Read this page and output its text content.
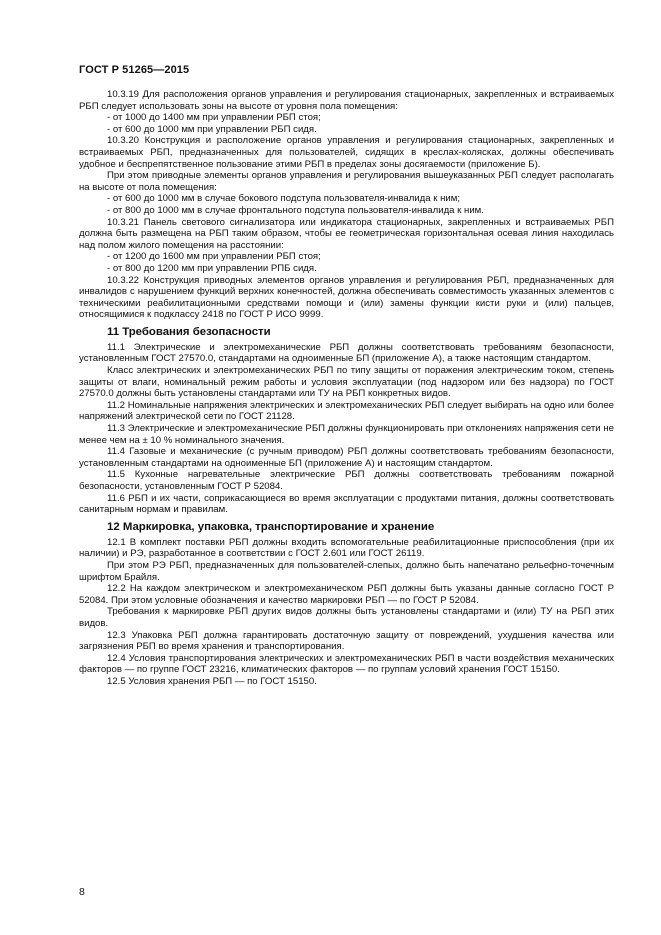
ГОСТ Р 51265—2015

10.3.19 Для расположения органов управления и регулирования стационарных, закрепленных и встраиваемых РБП следует использовать зоны на высоте от уровня пола помещения:

- от 1000 до 1400 мм при управлении РБП стоя;

- от 600 до 1000 мм при управлении РБП сидя.

10.3.20 Конструкция и расположение органов управления и регулирования стационарных, закрепленных и встраиваемых РБП, предназначенных для пользователей, сидящих в креслах-колясках, должны обеспечивать удобное и беспрепятственное пользование этими РБП в пределах зоны досягаемости (приложение Б).

При этом приводные элементы органов управления и регулирования вышеуказанных РБП следует располагать на высоте от пола помещения:

- от 600 до 1000 мм в случае бокового подступа пользователя-инвалида к ним;

- от 800 до 1000 мм в случае фронтального подступа пользователя-инвалида к ним.

10.3.21 Панель светового сигнализатора или индикатора стационарных, закрепленных и встраиваемых РБП должна быть размещена на РБП таким образом, чтобы ее геометрическая горизонтальная осевая линия находилась над полом жилого помещения на расстоянии:

- от 1200 до 1600 мм при управлении РБП стоя;

- от 800 до 1200 мм при управлении РПБ сидя.

10.3.22 Конструкция приводных элементов органов управления и регулирования РБП, предназначенных для инвалидов с нарушением функций верхних конечностей, должна обеспечивать совместимость указанных элементов с техническими реабилитационными средствами помощи и (или) замены функции кисти руки и (или) пальцев, относящимися к подклассу 2418 по ГОСТ Р ИСО 9999.

11 Требования безопасности

11.1 Электрические и электромеханические РБП должны соответствовать требованиям безопасности, установленным ГОСТ 27570.0, стандартами на одноименные БП (приложение А), а также настоящим стандартом.

Класс электрических и электромеханических РБП по типу защиты от поражения электрическим током, степень защиты от влаги, номинальный режим работы и условия эксплуатации (под надзором или без надзора) по ГОСТ 27570.0 должны быть установлены стандартами или ТУ на РБП конкретных видов.

11.2 Номинальные напряжения электрических и электромеханических РБП следует выбирать на одно или более напряжений электрической сети по ГОСТ 21128.

11.3 Электрические и электромеханические РБП должны функционировать при отклонениях напряжения сети не менее чем на ± 10 % номинального значения.

11.4 Газовые и механические (с ручным приводом) РБП должны соответствовать требованиям безопасности, установленным стандартами на одноименные БП (приложение А) и настоящим стандартом.

11.5 Кухонные нагревательные электрические РБП должны соответствовать требованиям пожарной безопасности, установленным ГОСТ Р 52084.

11.6 РБП и их части, соприкасающиеся во время эксплуатации с продуктами питания, должны соответствовать санитарным нормам и правилам.

12 Маркировка, упаковка, транспортирование и хранение

12.1 В комплект поставки РБП должны входить вспомогательные реабилитационные приспособления (при их наличии) и РЭ, разработанное в соответствии с ГОСТ 2.601 или ГОСТ 26119.

При этом РЭ РБП, предназначенных для пользователей-слепых, должно быть напечатано рельефно-точечным шрифтом Брайля.

12.2 На каждом электрическом и электромеханическом РБП должны быть указаны данные согласно ГОСТ Р 52084. При этом условные обозначения и качество маркировки РБП — по ГОСТ Р 52084.

Требования к маркировке РБП других видов должны быть установлены стандартами и (или) ТУ на РБП этих видов.

12.3 Упаковка РБП должна гарантировать достаточную защиту от повреждений, ухудшения качества или загрязнения РБП во время хранения и транспортирования.

12.4 Условия транспортирования электрических и электромеханических РБП в части воздействия механических факторов — по группе ГОСТ 23216, климатических факторов — по группам условий хранения ГОСТ 15150.

12.5 Условия хранения РБП — по ГОСТ 15150.

8
